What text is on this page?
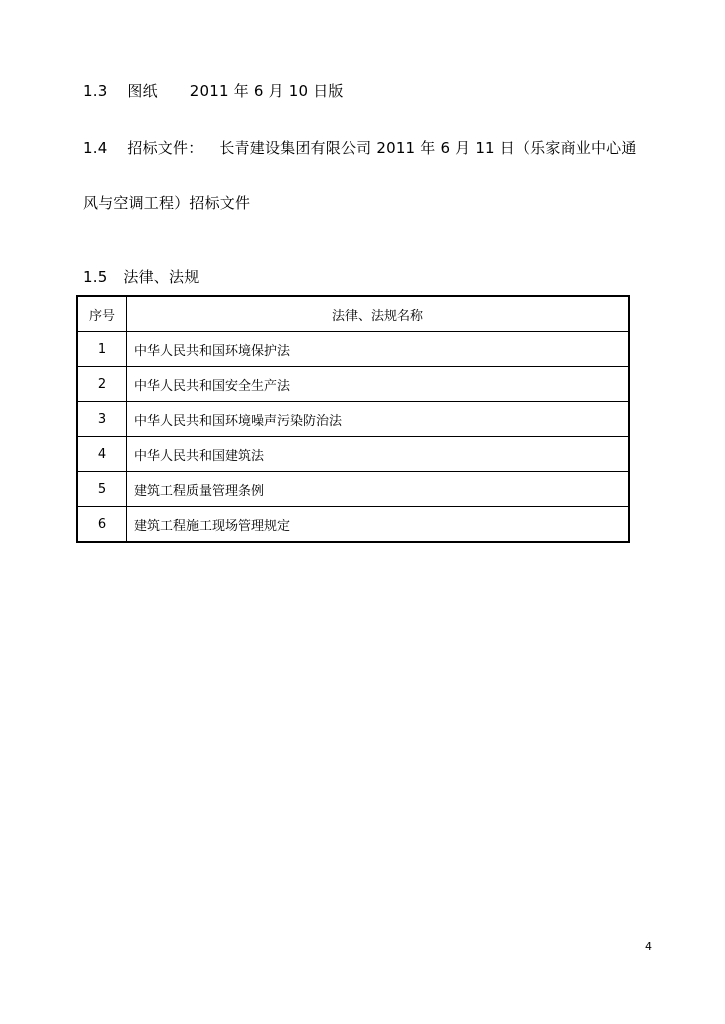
1.3 图纸 2011 年 6 月 10 日版
1.4 招标文件： 长青建设集团有限公司 2011 年 6 月 11 日（乐家商业中心通
风与空调工程）招标文件
1.5 法律、法规
序号	法律、法规名称
1	中华人民共和国环境保护法
2	中华人民共和国安全生产法
3	中华人民共和国环境噪声污染防治法
4	中华人民共和国建筑法
5	建筑工程质量管理条例
6	建筑工程施工现场管理规定
4
